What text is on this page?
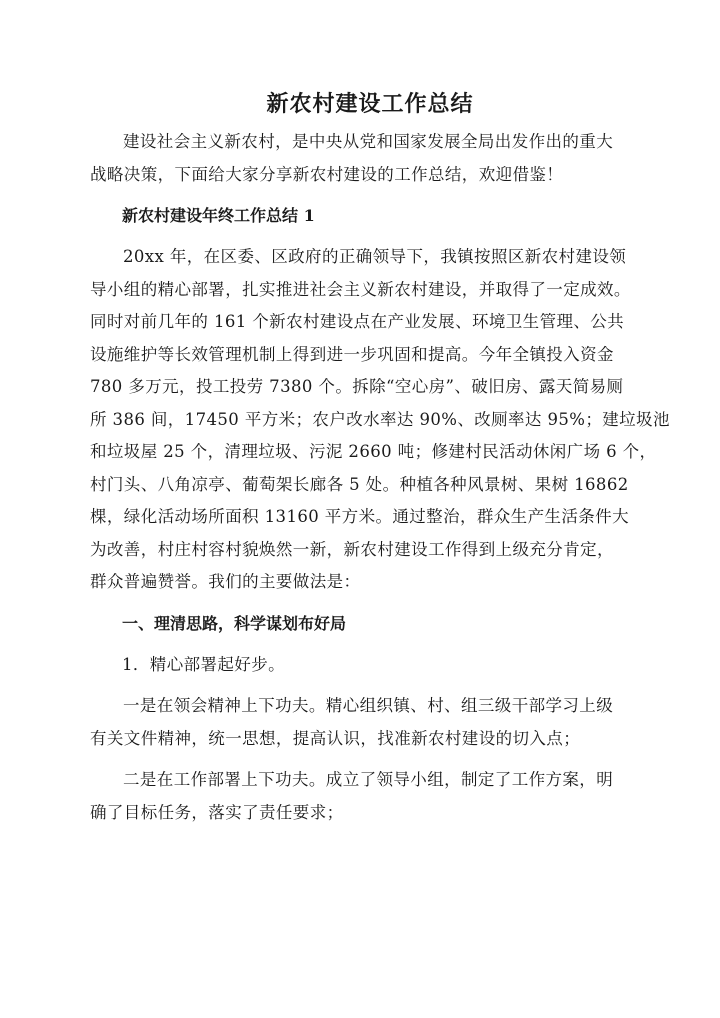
新农村建设工作总结
建设社会主义新农村，是中央从党和国家发展全局出发作出的重大
战略决策，下面给大家分享新农村建设的工作总结，欢迎借鉴！
新农村建设年终工作总结 1
20xx 年，在区委、区政府的正确领导下，我镇按照区新农村建设领
导小组的精心部署，扎实推进社会主义新农村建设，并取得了一定成效。
同时对前几年的 161 个新农村建设点在产业发展、环境卫生管理、公共
设施维护等长效管理机制上得到进一步巩固和提高。今年全镇投入资金
780 多万元，投工投劳 7380 个。拆除“空心房”、破旧房、露天简易厕
所 386 间，17450 平方米；农户改水率达 90%、改厕率达 95%；建垃圾池
和垃圾屋 25 个，清理垃圾、污泥 2660 吨；修建村民活动休闲广场 6 个，
村门头、八角凉亭、葡萄架长廊各 5 处。种植各种风景树、果树 16862
棵，绿化活动场所面积 13160 平方米。通过整治，群众生产生活条件大
为改善，村庄村容村貌焕然一新，新农村建设工作得到上级充分肯定，
群众普遍赞誉。我们的主要做法是：
一、理清思路，科学谋划布好局
1．精心部署起好步。
一是在领会精神上下功夫。精心组织镇、村、组三级干部学习上级
有关文件精神，统一思想，提高认识，找准新农村建设的切入点；
二是在工作部署上下功夫。成立了领导小组，制定了工作方案，明
确了目标任务，落实了责任要求；
